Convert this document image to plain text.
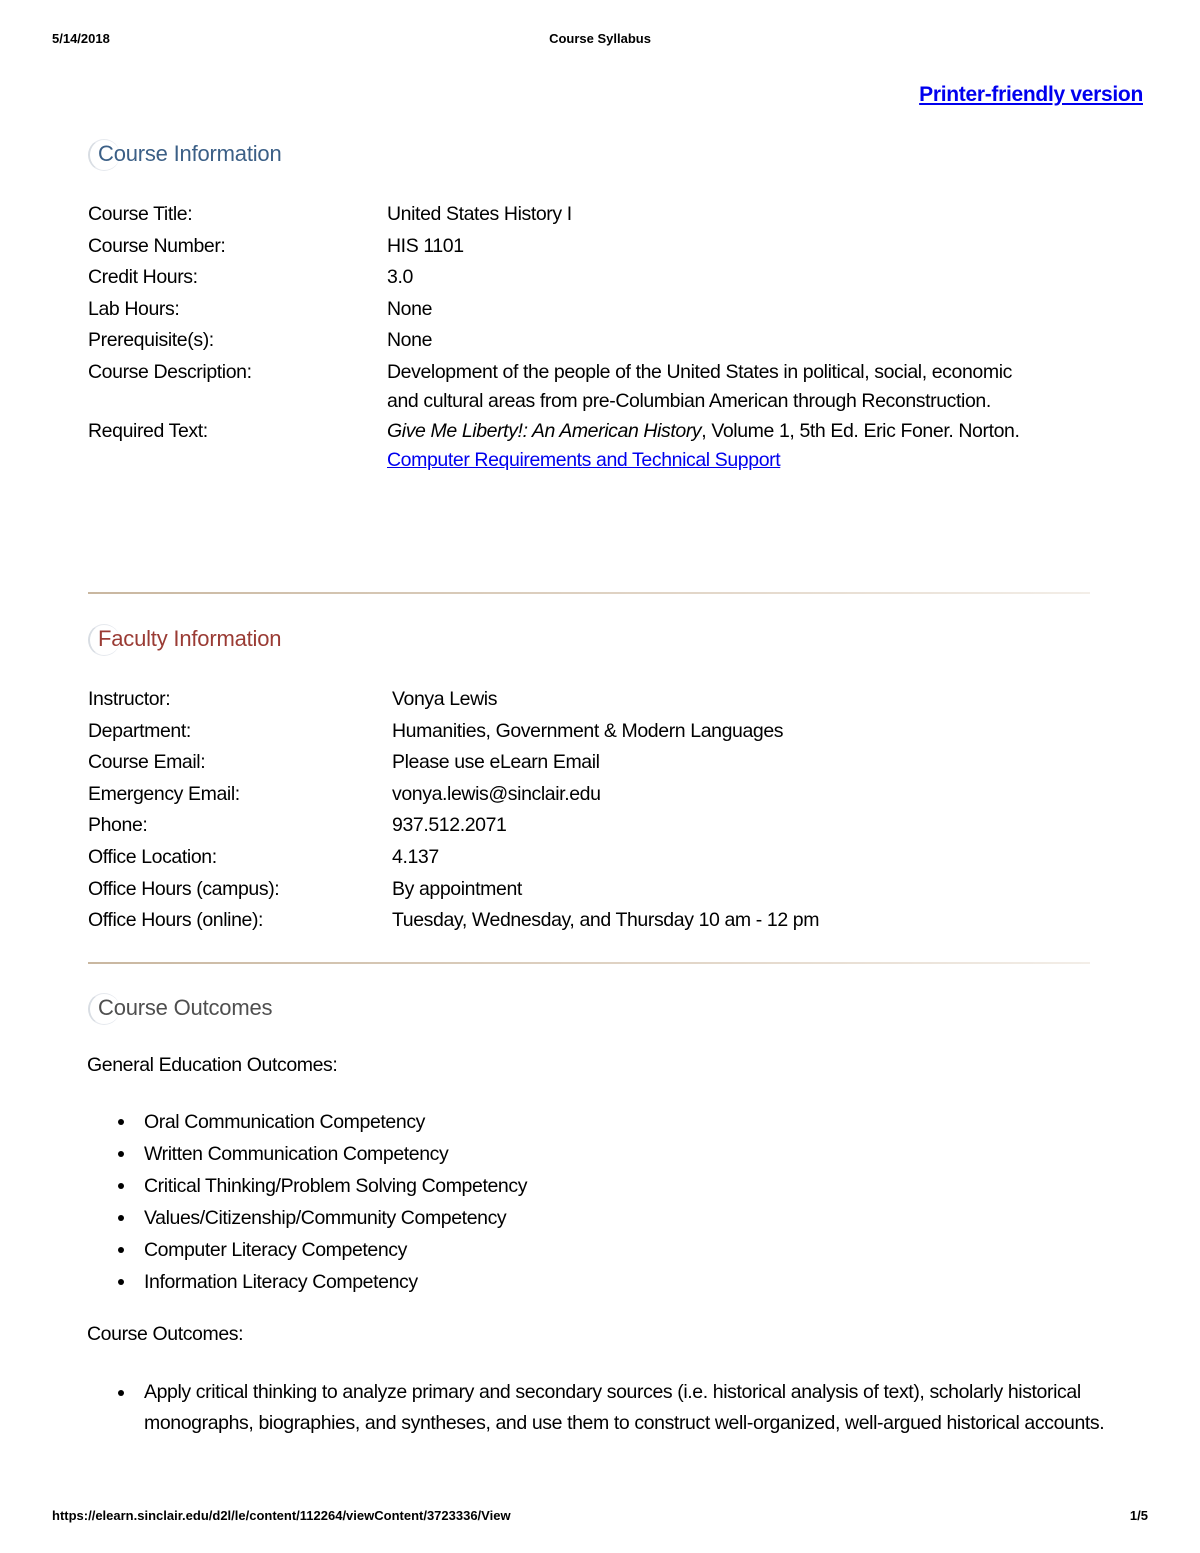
5/14/2018	Course Syllabus
Printer-friendly version
Course Information
Course Title:	United States History I
Course Number:	HIS 1101
Credit Hours:	3.0
Lab Hours:	None
Prerequisite(s):	None
Course Description:	Development of the people of the United States in political, social, economic and cultural areas from pre-Columbian American through Reconstruction.
Required Text:	Give Me Liberty!: An American History, Volume 1, 5th Ed. Eric Foner. Norton.
Computer Requirements and Technical Support
Faculty Information
Instructor:	Vonya Lewis
Department:	Humanities, Government & Modern Languages
Course Email:	Please use eLearn Email
Emergency Email:	vonya.lewis@sinclair.edu
Phone:	937.512.2071
Office Location:	4.137
Office Hours (campus):	By appointment
Office Hours (online):	Tuesday, Wednesday, and Thursday 10 am - 12 pm
Course Outcomes
General Education Outcomes:
Oral Communication Competency
Written Communication Competency
Critical Thinking/Problem Solving Competency
Values/Citizenship/Community Competency
Computer Literacy Competency
Information Literacy Competency
Course Outcomes:
Apply critical thinking to analyze primary and secondary sources (i.e. historical analysis of text), scholarly historical monographs, biographies, and syntheses, and use them to construct well-organized, well-argued historical accounts.
https://elearn.sinclair.edu/d2l/le/content/112264/viewContent/3723336/View	1/5
